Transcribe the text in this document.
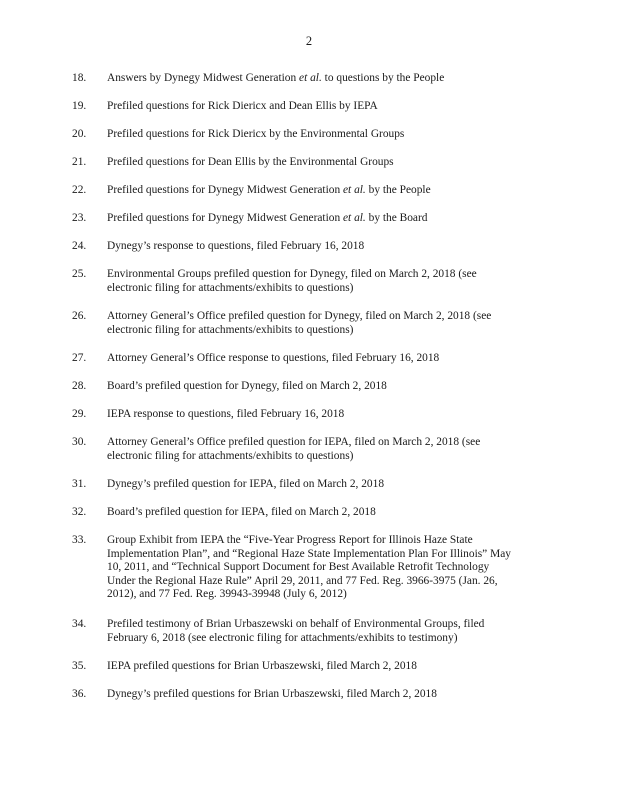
2
18.	Answers by Dynegy Midwest Generation et al. to questions by the People
19.	Prefiled questions for Rick Diericx and Dean Ellis by IEPA
20.	Prefiled questions for Rick Diericx by the Environmental Groups
21.	Prefiled questions for Dean Ellis by the Environmental Groups
22.	Prefiled questions for Dynegy Midwest Generation et al. by the People
23.	Prefiled questions for Dynegy Midwest Generation et al. by the Board
24.	Dynegy’s response to questions, filed February 16, 2018
25.	Environmental Groups prefiled question for Dynegy, filed on March 2, 2018 (see electronic filing for attachments/exhibits to questions)
26.	Attorney General’s Office prefiled question for Dynegy, filed on March 2, 2018 (see electronic filing for attachments/exhibits to questions)
27.	Attorney General’s Office response to questions, filed February 16, 2018
28.	Board’s prefiled question for Dynegy, filed on March 2, 2018
29.	IEPA response to questions, filed February 16, 2018
30.	Attorney General’s Office prefiled question for IEPA, filed on March 2, 2018 (see electronic filing for attachments/exhibits to questions)
31.	Dynegy’s prefiled question for IEPA, filed on March 2, 2018
32.	Board’s prefiled question for IEPA, filed on March 2, 2018
33.	Group Exhibit from IEPA the “Five-Year Progress Report for Illinois Haze State Implementation Plan”, and “Regional Haze State Implementation Plan For Illinois” May 10, 2011, and “Technical Support Document for Best Available Retrofit Technology Under the Regional Haze Rule” April 29, 2011, and 77 Fed. Reg. 3966-3975 (Jan. 26, 2012), and 77 Fed. Reg. 39943-39948 (July 6, 2012)
34.	Prefiled testimony of Brian Urbaszewski on behalf of Environmental Groups, filed February 6, 2018 (see electronic filing for attachments/exhibits to testimony)
35.	IEPA prefiled questions for Brian Urbaszewski, filed March 2, 2018
36.	Dynegy’s prefiled questions for Brian Urbaszewski, filed March 2, 2018
